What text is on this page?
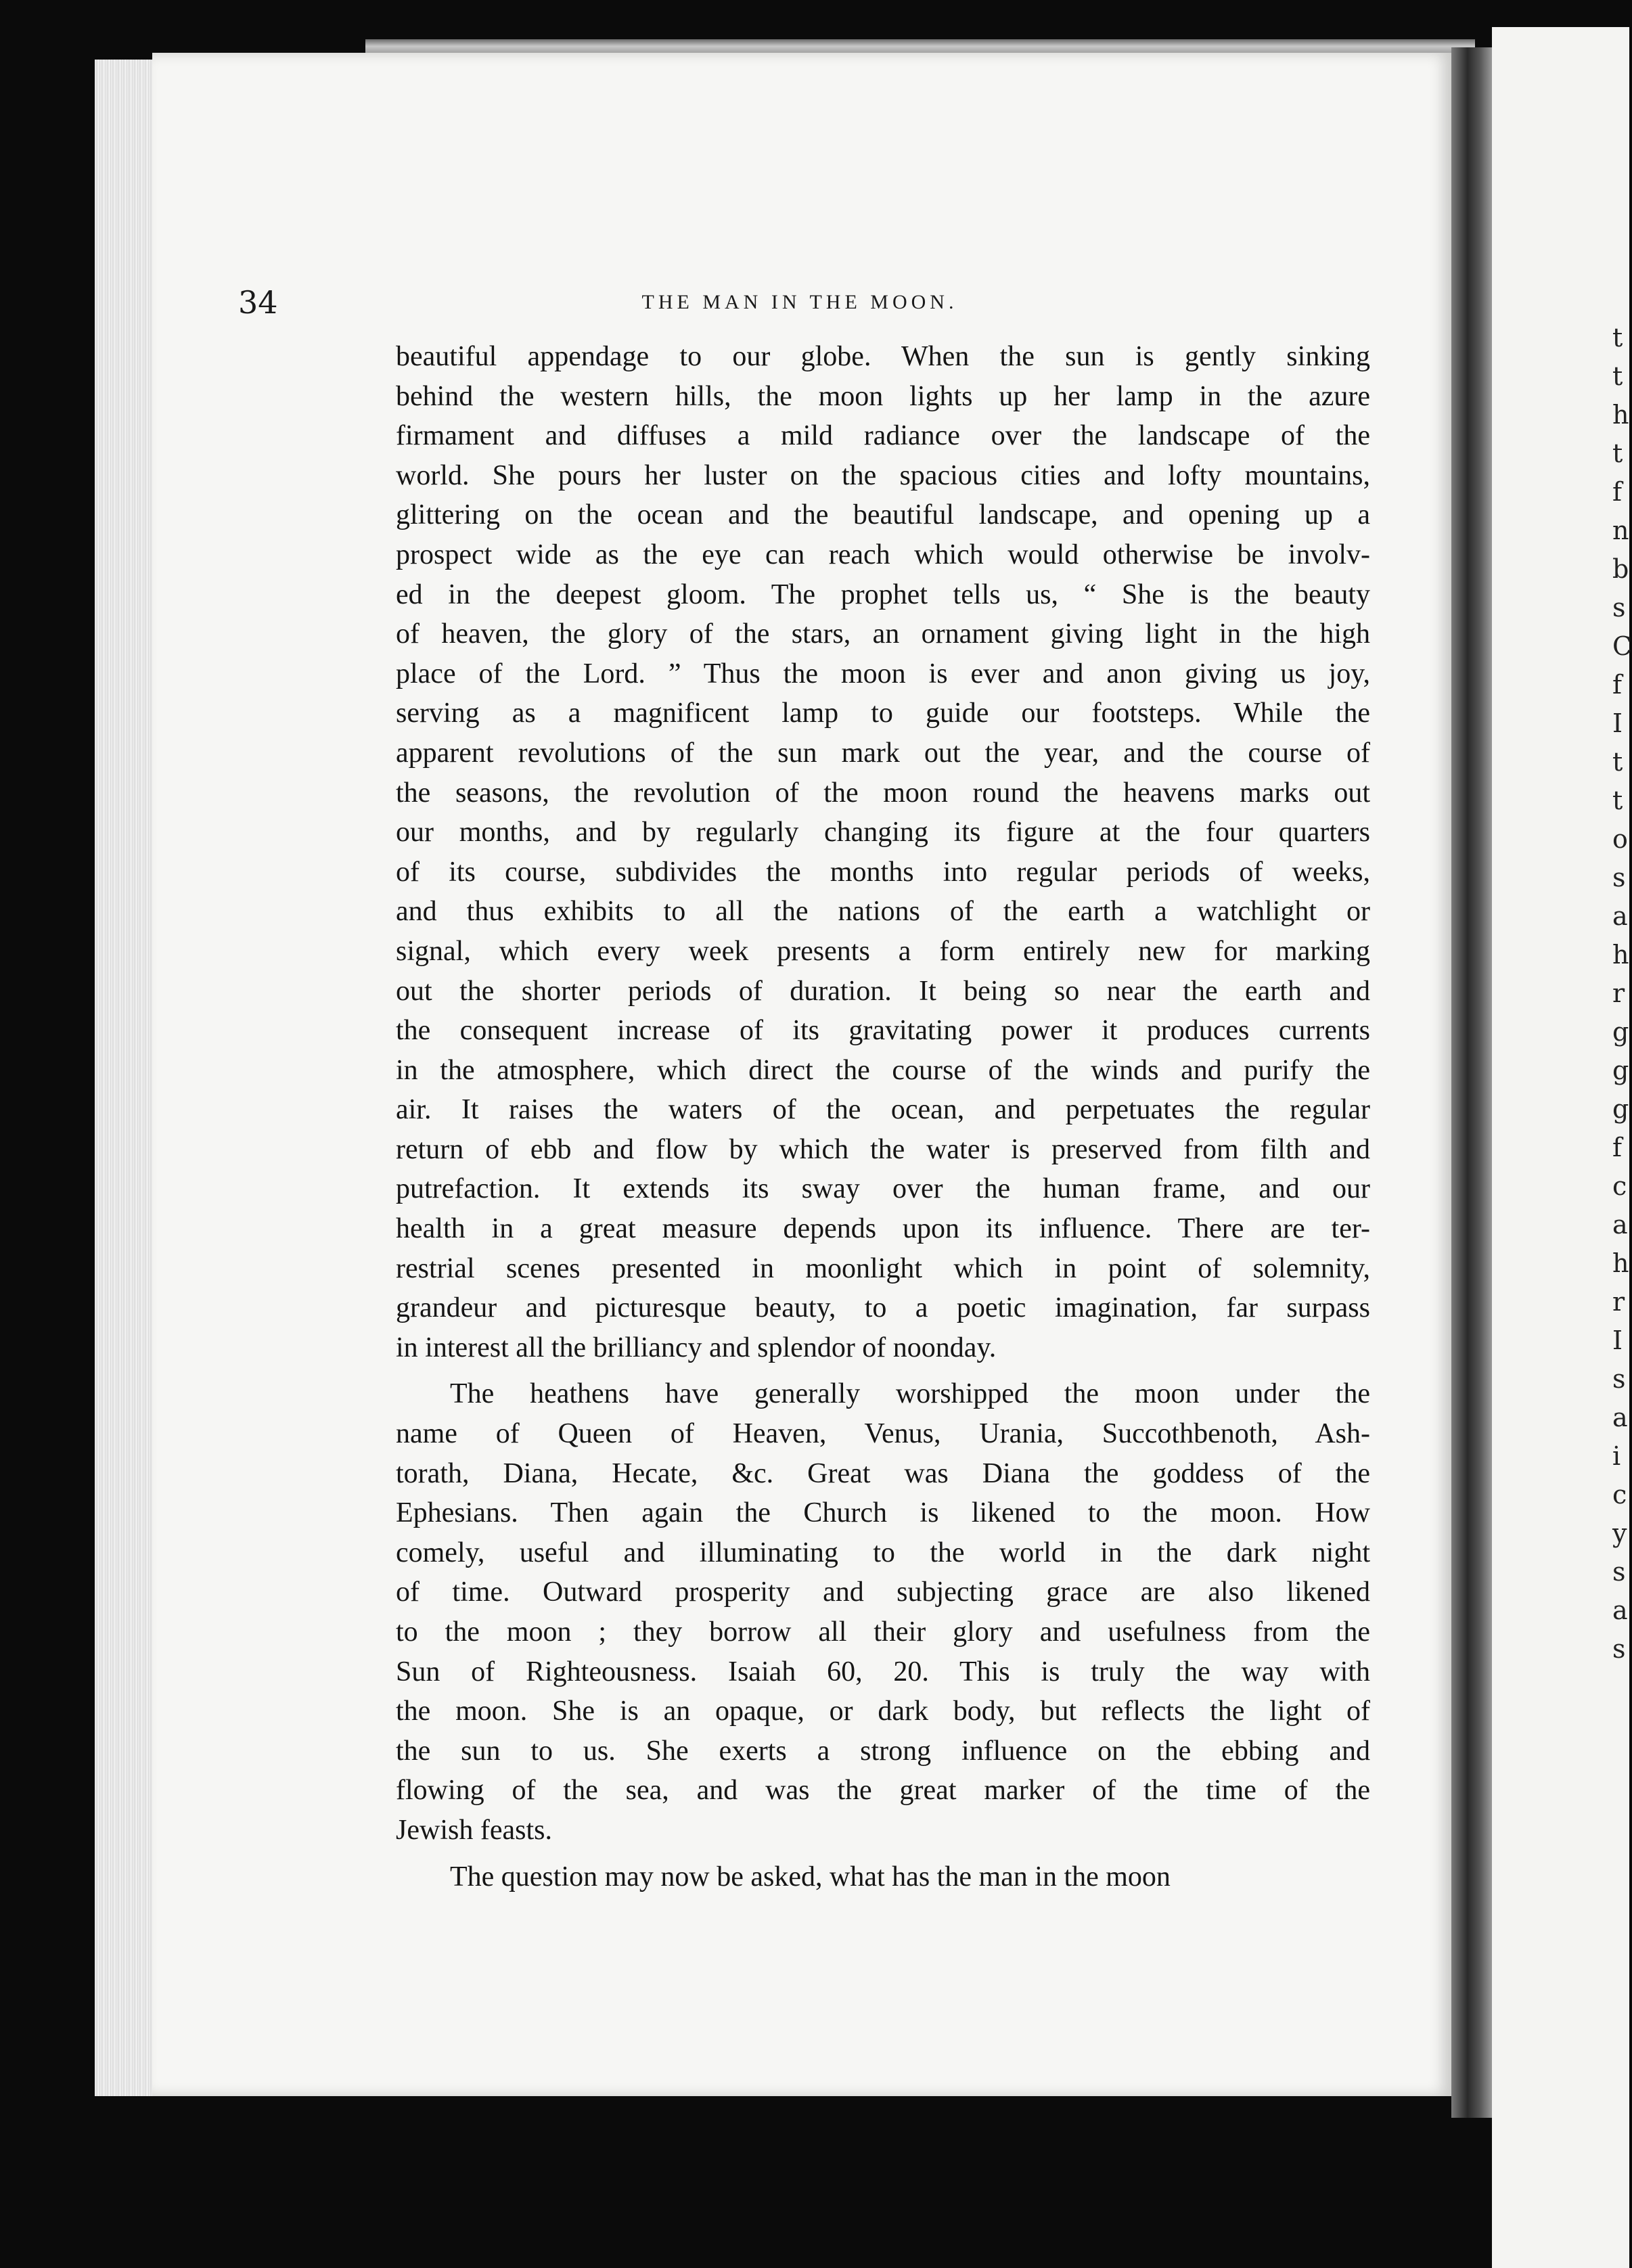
t
t
h
t
f
n
b
s
C
f
I
t
t
o
s
a
h
r
g
g
g
f
c
a
h
r
I
s
a
i
c
y
s
a
s
34	THE MAN IN THE MOON.
beautiful appendage to our globe. When the sun is gently sinking
behind the western hills, the moon lights up her lamp in the azure
firmament and diffuses a mild radiance over the landscape of the
world. She pours her luster on the spacious cities and lofty mountains,
glittering on the ocean and the beautiful landscape, and opening up a
prospect wide as the eye can reach which would otherwise be involv-
ed in the deepest gloom. The prophet tells us, “ She is the beauty
of heaven, the glory of the stars, an ornament giving light in the high
place of the Lord. ” Thus the moon is ever and anon giving us joy,
serving as a magnificent lamp to guide our footsteps. While the
apparent revolutions of the sun mark out the year, and the course of
the seasons, the revolution of the moon round the heavens marks out
our months, and by regularly changing its figure at the four quarters
of its course, subdivides the months into regular periods of weeks,
and thus exhibits to all the nations of the earth a watchlight or
signal, which every week presents a form entirely new for marking
out the shorter periods of duration. It being so near the earth and
the consequent increase of its gravitating power it produces currents
in the atmosphere, which direct the course of the winds and purify the
air. It raises the waters of the ocean, and perpetuates the regular
return of ebb and flow by which the water is preserved from filth and
putrefaction. It extends its sway over the human frame, and our
health in a great measure depends upon its influence. There are ter-
restrial scenes presented in moonlight which in point of solemnity,
grandeur and picturesque beauty, to a poetic imagination, far surpass
in interest all the brilliancy and splendor of noonday.
The heathens have generally worshipped the moon under the
name of Queen of Heaven, Venus, Urania, Succothbenoth, Ash-
torath, Diana, Hecate, &c. Great was Diana the goddess of the
Ephesians. Then again the Church is likened to the moon. How
comely, useful and illuminating to the world in the dark night
of time. Outward prosperity and subjecting grace are also likened
to the moon ; they borrow all their glory and usefulness from the
Sun of Righteousness. Isaiah 60, 20. This is truly the way with
the moon. She is an opaque, or dark body, but reflects the light of
the sun to us. She exerts a strong influence on the ebbing and
flowing of the sea, and was the great marker of the time of the
Jewish feasts.
The question may now be asked, what has the man in the moon
